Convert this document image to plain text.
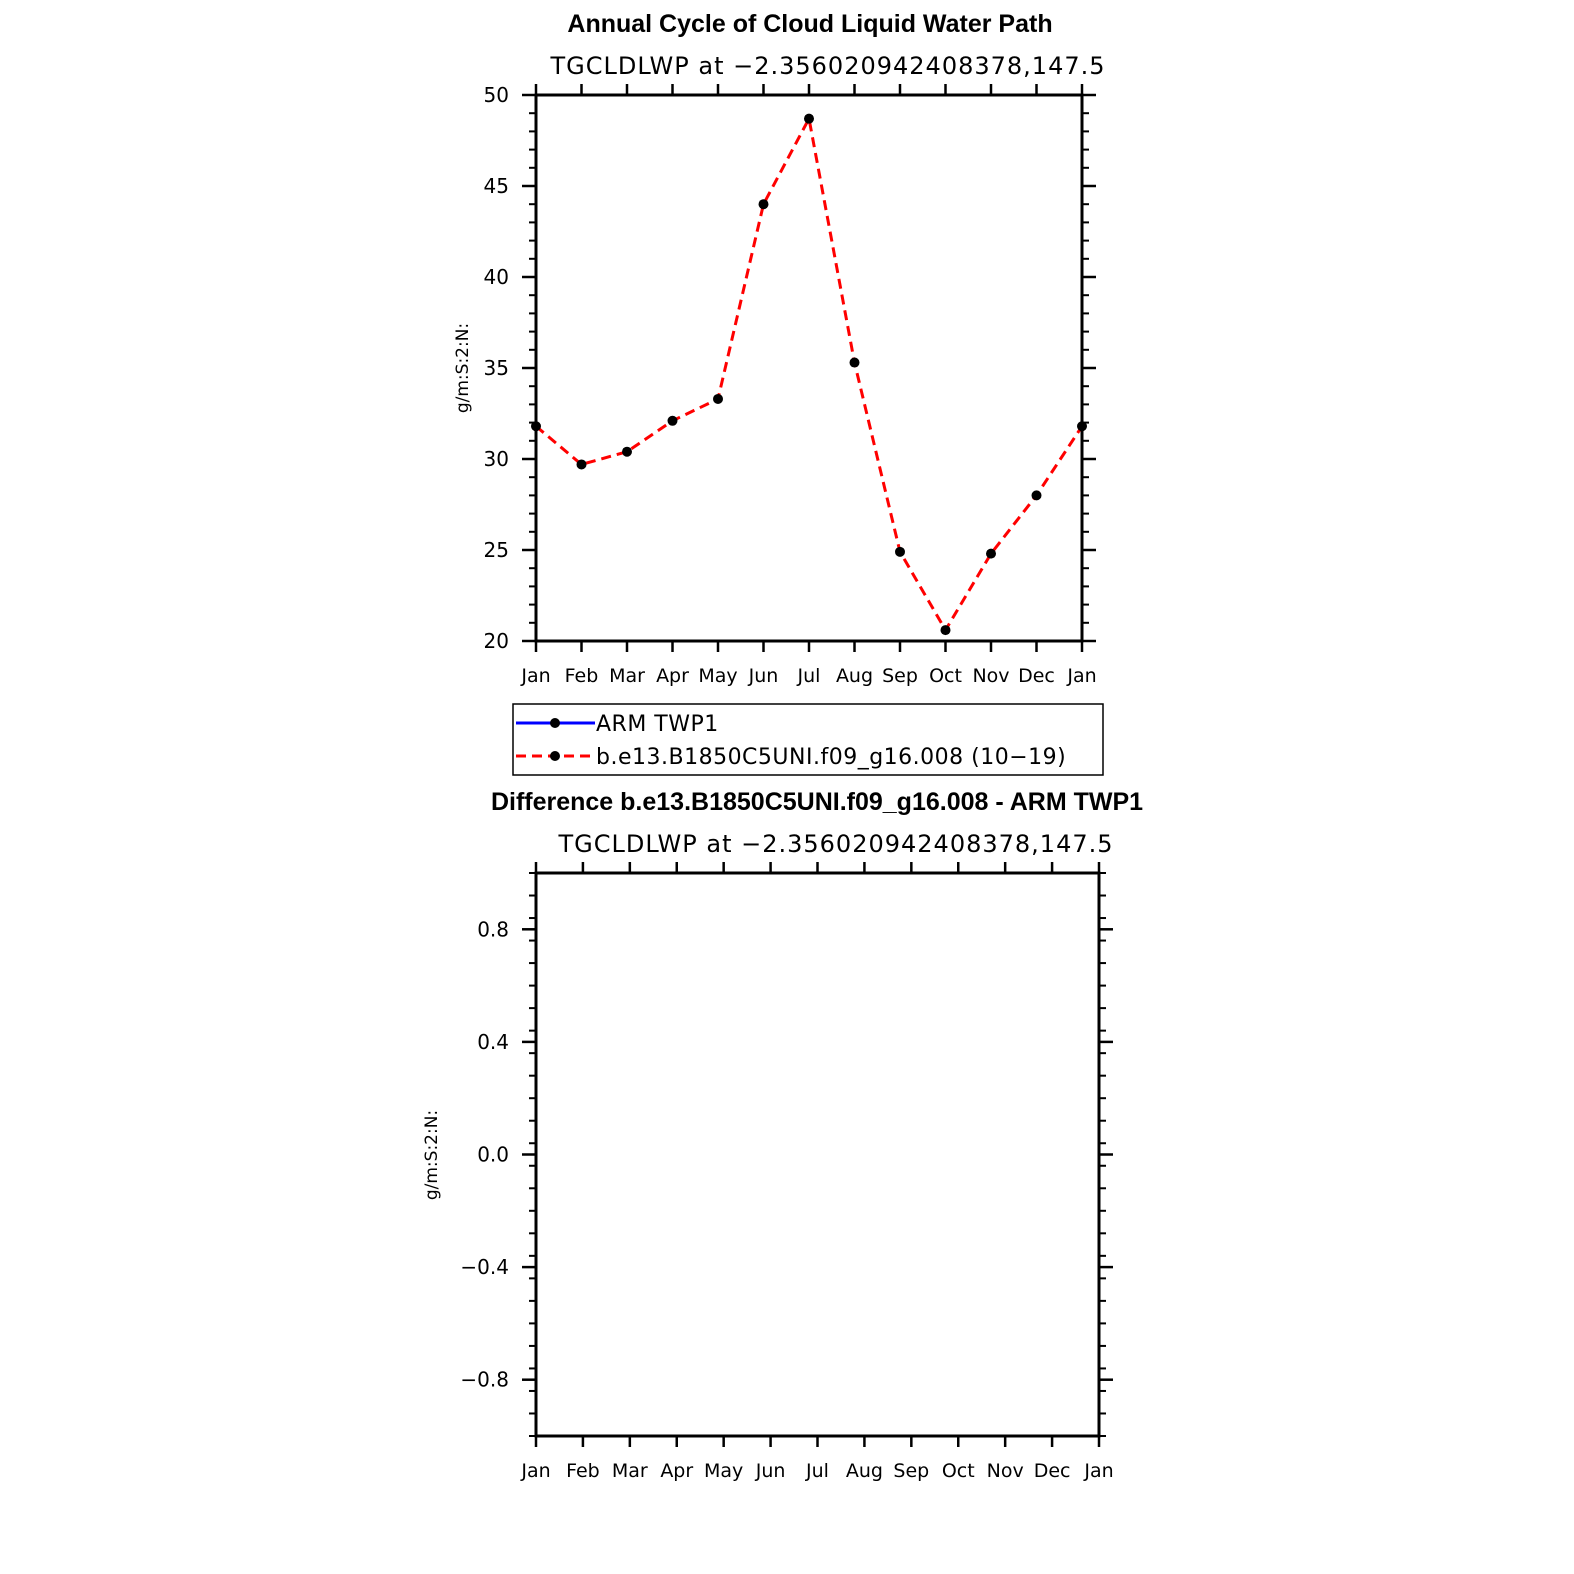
Annual Cycle of Cloud Liquid Water Path
TGCLDLWP at −2.356020942408378,147.5
20
25
30
35
40
45
50
Jan Feb Mar Apr May Jun Jul Aug Sep Oct Nov Dec Jan
g/m:S:2:N:
ARM TWP1
b.e13.B1850C5UNI.f09_g16.008 (10−19)
Difference b.e13.B1850C5UNI.f09_g16.008 - ARM TWP1
TGCLDLWP at −2.356020942408378,147.5
−0.8
−0.4
0.0
0.4
0.8
Jan Feb Mar Apr May Jun Jul Aug Sep Oct Nov Dec Jan
g/m:S:2:N:
